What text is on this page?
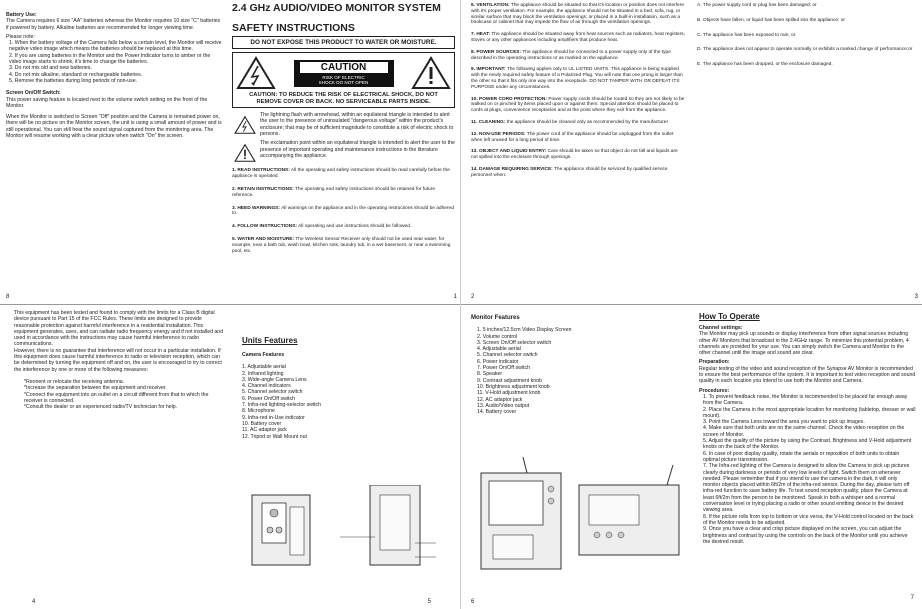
Battery Use:

The Camera requires 6 size "AA" batteries whereas the Monitor requires 10 size "C" batteries if powered by battery. Alkaline batteries are recommended for longer viewing time.

Please note:

1. When the battery voltage of the Camera falls below a certain level, the Monitor will receive negative video image which means the batteries should be replaced at this time.
2. If you are using batteries in the Monitor and the Power Indicator turns to amber or the video image starts to shrink, it's time to change the batteries.
3. Do not mix old and new batteries.
4. Do not mix alkaline, standard or rechargeable batteries.
5. Remove the batteries during long periods of non-use.

Screen On/Off Switch:

This power saving feature is located next to the volume switch setting on the front of the Monitor.

When the Monitor is switched to Screen "Off" position and the Camera is remained power on, there will be no picture on the Monitor screen, the unit is using a small amount of power and is still operational. You can still hear the sound signal captured from the monitoring area. The Monitor will resume working with a clear picture when switch "On" the screen.

8

2.4 GHz AUDIO/VIDEO MONITOR SYSTEM

SAFETY INSTRUCTIONS

DO NOT EXPOSE THIS PRODUCT TO WATER OR MOISTURE.
CAUTION
RISK OF ELECTRIC
SHOCK DO NOT OPEN

CAUTION: TO REDUCE THE RISK OF ELECTRICAL SHOCK, DO NOT REMOVE COVER OR BACK. NO SERVICEABLE PARTS INSIDE.

The lightning flash with arrowhead, within an equilateral triangle is intended to alert the user to the presence of uninsulated "dangerous voltage" within the product's enclosure; that may be of sufficient magnitude to constitute a risk of electric shock to persons.

The exclamation point within an equilateral triangle is intended to alert the user to the presence of important operating and maintenance instructions in the literature accompanying the appliance.

1. READ INSTRUCTIONS: All the operating and safety instructions should be read carefully before the appliance is operated.

2. RETAIN INSTRUCTIONS: The operating and safety instructions should be retained for future reference.

3. HEED WARNINGS: All warnings on the appliance and in the operating instructions should be adhered to.

4. FOLLOW INSTRUCTIONS: All operating and use instructions should be followed.

5. WATER AND MOISTURE: The Wireless Sensor Receiver only should not be used near water; for example, near a bath tub, wash bowl, kitchen sink, laundry tub, in a wet basement, or near a swimming pool, etc.

1

6. VENTILATION: The appliance should be situated so that it's location or position does not interfere with it's proper ventilation. For example, the appliance should not be situated in a bed, sofa, rug, or similar surface that may block the ventilation openings; or placed in a built-in installation, such as a bookcase or cabinet that may impede the flow of air through the ventilation openings.

7. HEAT: The appliance should be situated away from heat sources such as radiators, heat registers, stoves or any other appliances including amplifiers that produce heat.

8. POWER SOURCES: The appliance should be connected to a power supply only of the type described in the operating instructions or as marked on the appliance.

9. IMPORTANT: The following applies only to UL LISTED UNITS. This appliance is being supplied with the newly required safety feature of a Polarized Plug. You will note that one prong is larger than the other so that it fits only one way into the receptacle. DO NOT TAMPER WITH OR DEFEAT ITS PURPOSE under any circumstances.

10. POWER CORD PROTECTION: Power supply cords should be routed so they are not likely to be walked on or pinched by items placed upon or against them. Special attention should be placed to cords at plugs, convenience receptacles and at the point where they exit from the appliance.

11. CLEANING: the appliance should be cleaned only as recommended by the manufacturer.

12. NON-USE PERIODS: The power cord of the appliance should be unplugged from the outlet when left unused for a long period of time.

13. OBJECT AND LIQUID ENTRY: Care should be taken so that object do not fall and liquids are not spilled into the enclosure through openings.

14. DAMAGE REQUIRING SERVICE: The appliance should be serviced by qualified service personnel when:

2

A. The power supply cord or plug has been damaged; or

B. Objects have fallen, or liquid has been spilled into the appliance; or

C. The appliance has been exposed to rain; or

D. The appliance does not appear to operate normally or exhibits a marked change of performance;or

E. The appliance has been dropped, or the enclosure damaged.

3

This equipment has been tested and found to comply with the limits for a Class B digital device pursuant to Part 15 of the FCC Rules. These limits are designed to provide reasonable protection against harmful interference in a residential installation. This equipment generates, uses, and can radiate radio frequency energy and if not installed and used in accordance with the instructions may cause harmful interference to radio communications.

However, there is no guarantee that interference will not occur in a particular installation. If this equipment does cause harmful interference to radio or television reception, which can be determined by turning the equipment off and on, the user is encouraged to try to correct the interference by one or more of the following measures:

*Reorient or relocate the receiving antenna.

*Increase the separation between the equipment and receiver.

*Connect the equipment into an outlet on a circuit different from that to which the receiver is connected.

*Consult the dealer or an experienced radio/TV technician for help.

4

Units Features

Camera Features

1. Adjustable aerial
2. Infrared lighting
3. Wide-angle Camera Lens
4. Channel indicators
5. Channel selector switch
6. Power On/Off switch
7. Infra-red lighting-selector switch
8. Microphone
9. Infra-red in-Use indicator
10. Battery cover
11. AC adaptor jack
12. Tripod or Wall Mount nut
5

Monitor Features

1. 5 inches/12.5cm Video Display Screen
2. Volume control
3. Screen On/Off selector switch
4. Adjustable aerial
5. Channel selector switch
6. Power indicator
7. Power On/Off switch
8. Speaker
9. Contrast adjustment knob
10. Brightness adjustment knob
11. V-Hold adjustment knob
12. AC adaptor jack
13. Audio/Video output
14. Battery cover
6

How To Operate

Channel settings:

The Monitor may pick up sounds or display interference from other signal sources including other AV Monitors that broadcast in the 2.4GHz range. To minimize this potential problem, 4 channels are provided for your use. You can simply switch the Camera and Monitor to the other channel until the image and sound are clear.

Preparation:

Regular testing of the video and sound reception of the Synapse AV Monitor is recommended to ensure the best performance of the system. It is important to test video reception and sound quality in each location you intend to use both the Monitor and Camera.

Procedures:

1. To prevent feedback noise, the Monitor is recommended to be placed far enough away from the Camera.
2. Place the Camera in the most appropriate location for monitoring (tabletop, dresser or wall mount).
3. Point the Camera Lens toward the area you want to pick up images.
4. Make sure that both units are on the same channel. Check the video reception on the screen of Monitor.
5. Adjust the quality of the picture by using the Contrast, Brightness and V-Hold adjustment knobs on the back of the Monitor.
6. In case of poor display quality, rotate the aerials or reposition of both units to obtain optimal picture transmission.
7. The Infra-red lighting of the Camera is designed to allow the Camera to pick up pictures clearly during darkness or periods of very low levels of light. Switch them on whenever needed. Please remember that if you intend to use the camera in the dark, it will only monitor objects placed within 6ft/2m of the infra-red sensor. During the day, please turn off infra-red function to save battery life. To test sound reception quality, place the Camera at least 6ft/2m from the person to be monitored. Speak in both a whisper and a normal conversation level or trying placing a radio or other sound emitting device in the desired viewing area.
8. If the picture rolls from top to bottom or vice versa, the V-Hold control located on the back of the Monitor needs to be adjusted.
9. Once you have a clear and crisp picture displayed on the screen, you can adjust the brightness and contrast by using the controls on the back of the Monitor until you achieve the desired result.
7
